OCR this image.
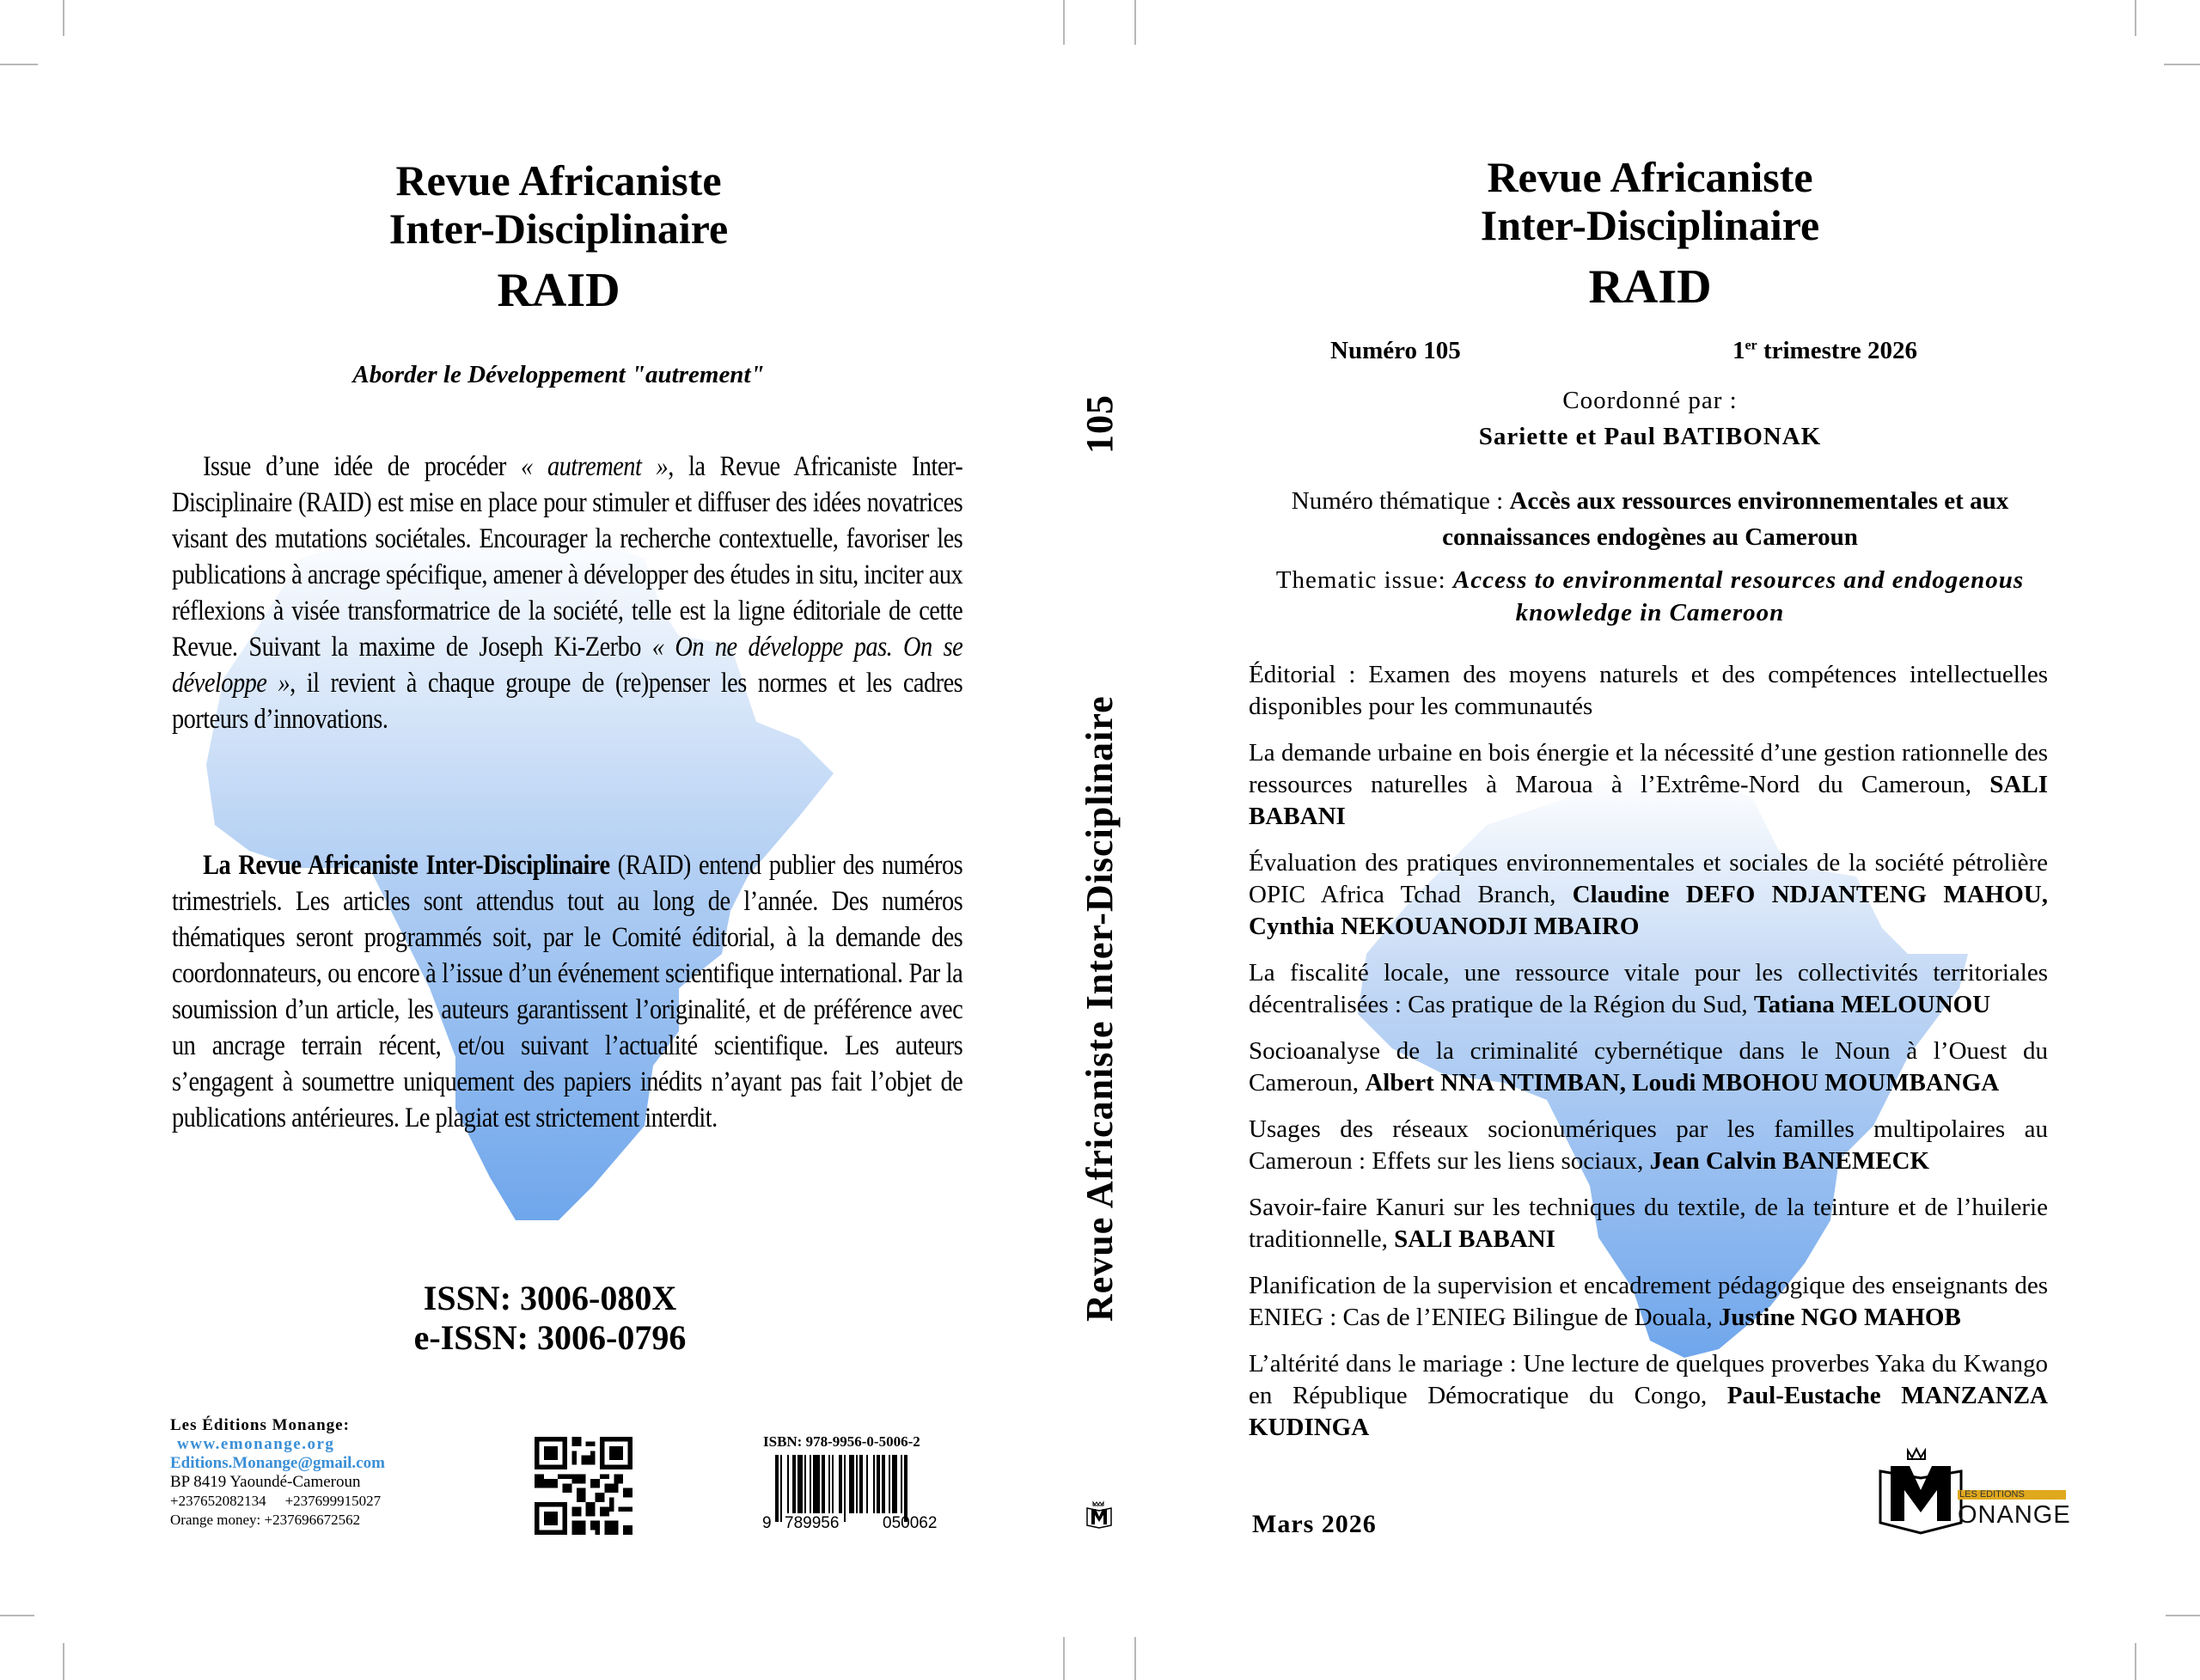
Revue Africaniste
Inter-Disciplinaire
RAID
Aborder le Développement "autrement"

Issue d’une idée de procéder « autrement », la Revue Africaniste Inter-Disciplinaire (RAID) est mise en place pour stimuler et diffuser des idées novatrices visant des mutations sociétales. Encourager la recherche contextuelle, favoriser les publications à ancrage spécifique, amener à développer des études in situ, inciter aux réflexions à visée transformatrice de la société, telle est la ligne éditoriale de cette Revue. Suivant la maxime de Joseph Ki-Zerbo « On ne développe pas. On se développe », il revient à chaque groupe de (re)penser les normes et les cadres porteurs d’innovations.

La Revue Africaniste Inter-Disciplinaire (RAID) entend publier des numéros trimestriels. Les articles sont attendus tout au long de l’année. Des numéros thématiques seront programmés soit, par le Comité éditorial, à la demande des coordonnateurs, ou encore à l’issue d’un événement scientifique international. Par la soumission d’un article, les auteurs garantissent l’originalité, et de préférence avec un ancrage terrain récent, et/ou suivant l’actualité scientifique. Les auteurs s’engagent à soumettre uniquement des papiers inédits n’ayant pas fait l’objet de publications antérieures. Le plagiat est strictement interdit.

ISSN: 3006-080X
e-ISSN: 3006-0796
Les Éditions Monange:
www.emonange.org
Editions.Monange@gmail.com
BP 8419 Yaoundé-Cameroun
+237652082134 +237699915027
Orange money: +237696672562
ISBN: 978-9956-0-5006-2
9 789956	050062
Revue Africaniste Inter-Disciplinaire
105
Revue Africaniste
Inter-Disciplinaire
RAID
Numéro 105	1er trimestre 2026
Coordonné par :
Sariette et Paul BATIBONAK
Numéro thématique : Accès aux ressources environnementales et aux connaissances endogènes au Cameroun
Thematic issue: Access to environmental resources and endogenous knowledge in Cameroon

Éditorial : Examen des moyens naturels et des compétences intellectuelles disponibles pour les communautés

La demande urbaine en bois énergie et la nécessité d’une gestion rationnelle des ressources naturelles à Maroua à l’Extrême-Nord du Cameroun, SALI BABANI

Évaluation des pratiques environnementales et sociales de la société pétrolière OPIC Africa Tchad Branch, Claudine DEFO NDJANTENG MAHOU, Cynthia NEKOUANODJI MBAIRO

La fiscalité locale, une ressource vitale pour les collectivités territoriales décentralisées : Cas pratique de la Région du Sud, Tatiana MELOUNOU

Socioanalyse de la criminalité cybernétique dans le Noun à l’Ouest du Cameroun, Albert NNA NTIMBAN, Loudi MBOHOU MOUMBANGA

Usages des réseaux socionumériques par les familles multipolaires au Cameroun : Effets sur les liens sociaux, Jean Calvin BANEMECK

Savoir-faire Kanuri sur les techniques du textile, de la teinture et de l’huilerie traditionnelle, SALI BABANI

Planification de la supervision et encadrement pédagogique des enseignants des ENIEG : Cas de l’ENIEG Bilingue de Douala, Justine NGO MAHOB

L’altérité dans le mariage : Une lecture de quelques proverbes Yaka du Kwango en République Démocratique du Congo, Paul-Eustache MANZANZA KUDINGA

Mars 2026
LES EDITIONS
ONANGE
